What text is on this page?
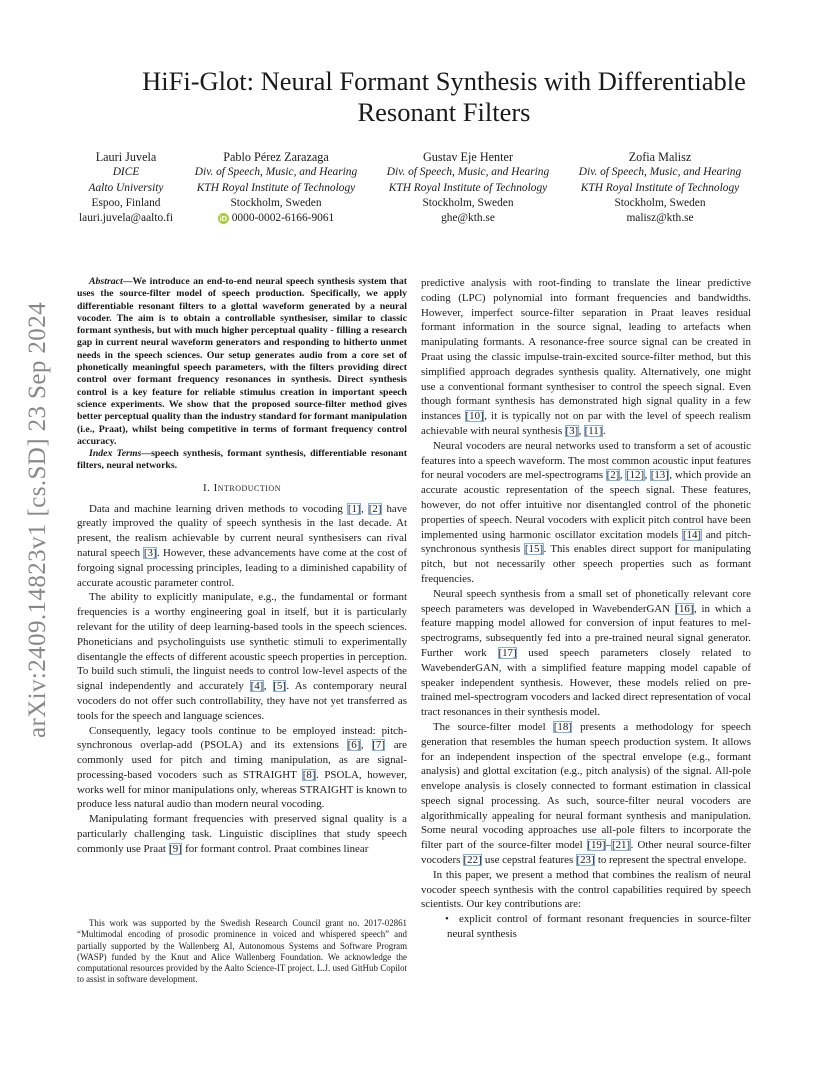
arXiv:2409.14823v1 [cs.SD] 23 Sep 2024
HiFi-Glot: Neural Formant Synthesis with Differentiable
Resonant Filters
Lauri Juvela
DICE
Aalto University
Espoo, Finland
lauri.juvela@aalto.fi
Pablo Pérez Zarazaga
Div. of Speech, Music, and Hearing
KTH Royal Institute of Technology
Stockholm, Sweden
iD 0000-0002-6166-9061
Gustav Eje Henter
Div. of Speech, Music, and Hearing
KTH Royal Institute of Technology
Stockholm, Sweden
ghe@kth.se
Zofia Malisz
Div. of Speech, Music, and Hearing
KTH Royal Institute of Technology
Stockholm, Sweden
malisz@kth.se

Abstract—We introduce an end-to-end neural speech synthesis system that uses the source-filter model of speech production. Specifically, we apply differentiable resonant filters to a glottal waveform generated by a neural vocoder. The aim is to obtain a controllable synthesiser, similar to classic formant synthesis, but with much higher perceptual quality - filling a research gap in current neural waveform generators and responding to hitherto unmet needs in the speech sciences. Our setup generates audio from a core set of phonetically meaningful speech parameters, with the filters providing direct control over formant frequency resonances in synthesis. Direct synthesis control is a key feature for reliable stimulus creation in important speech science experiments. We show that the proposed source-filter method gives better perceptual quality than the industry standard for formant manipulation (i.e., Praat), whilst being competitive in terms of formant frequency control accuracy.

Index Terms—speech synthesis, formant synthesis, differentiable resonant filters, neural networks.

I. Introduction

Data and machine learning driven methods to vocoding [1], [2] have greatly improved the quality of speech synthesis in the last decade. At present, the realism achievable by current neural synthesisers can rival natural speech [3]. However, these advancements have come at the cost of forgoing signal processing principles, leading to a diminished capability of accurate acoustic parameter control.

The ability to explicitly manipulate, e.g., the fundamental or formant frequencies is a worthy engineering goal in itself, but it is particularly relevant for the utility of deep learning-based tools in the speech sciences. Phoneticians and psycholinguists use synthetic stimuli to experimentally disentangle the effects of different acoustic speech properties in perception. To build such stimuli, the linguist needs to control low-level aspects of the signal independently and accurately [4], [5]. As contemporary neural vocoders do not offer such controllability, they have not yet transferred as tools for the speech and language sciences.

Consequently, legacy tools continue to be employed instead: pitch-synchronous overlap-add (PSOLA) and its extensions [6], [7] are commonly used for pitch and timing manipulation, as are signal-processing-based vocoders such as STRAIGHT [8]. PSOLA, however, works well for minor manipulations only, whereas STRAIGHT is known to produce less natural audio than modern neural vocoding.

Manipulating formant frequencies with preserved signal quality is a particularly challenging task. Linguistic disciplines that study speech commonly use Praat [9] for formant control. Praat combines linear

This work was supported by the Swedish Research Council grant no. 2017-02861 “Multimodal encoding of prosodic prominence in voiced and whispered speech” and partially supported by the Wallenberg AI, Autonomous Systems and Software Program (WASP) funded by the Knut and Alice Wallenberg Foundation. We acknowledge the computational resources provided by the Aalto Science-IT project. L.J. used GitHub Copilot to assist in software development.

predictive analysis with root-finding to translate the linear predictive coding (LPC) polynomial into formant frequencies and bandwidths. However, imperfect source-filter separation in Praat leaves residual formant information in the source signal, leading to artefacts when manipulating formants. A resonance-free source signal can be created in Praat using the classic impulse-train-excited source-filter method, but this simplified approach degrades synthesis quality. Alternatively, one might use a conventional formant synthesiser to control the speech signal. Even though formant synthesis has demonstrated high signal quality in a few instances [10], it is typically not on par with the level of speech realism achievable with neural synthesis [3], [11].

Neural vocoders are neural networks used to transform a set of acoustic features into a speech waveform. The most common acoustic input features for neural vocoders are mel-spectrograms [2], [12], [13], which provide an accurate acoustic representation of the speech signal. These features, however, do not offer intuitive nor disentangled control of the phonetic properties of speech. Neural vocoders with explicit pitch control have been implemented using harmonic oscillator excitation models [14] and pitch-synchronous synthesis [15]. This enables direct support for manipulating pitch, but not necessarily other speech properties such as formant frequencies.

Neural speech synthesis from a small set of phonetically relevant core speech parameters was developed in WavebenderGAN [16], in which a feature mapping model allowed for conversion of input features to mel-spectrograms, subsequently fed into a pre-trained neural signal generator. Further work [17] used speech parameters closely related to WavebenderGAN, with a simplified feature mapping model capable of speaker independent synthesis. However, these models relied on pre-trained mel-spectrogram vocoders and lacked direct representation of vocal tract resonances in their synthesis model.

The source-filter model [18] presents a methodology for speech generation that resembles the human speech production system. It allows for an independent inspection of the spectral envelope (e.g., formant analysis) and glottal excitation (e.g., pitch analysis) of the signal. All-pole envelope analysis is closely connected to formant estimation in classical speech signal processing. As such, source-filter neural vocoders are algorithmically appealing for neural formant synthesis and manipulation. Some neural vocoding approaches use all-pole filters to incorporate the filter part of the source-filter model [19]–[21]. Other neural source-filter vocoders [22] use cepstral features [23] to represent the spectral envelope.

In this paper, we present a method that combines the realism of neural vocoder speech synthesis with the control capabilities required by speech scientists. Our key contributions are:

• explicit control of formant resonant frequencies in source-filter neural synthesis
